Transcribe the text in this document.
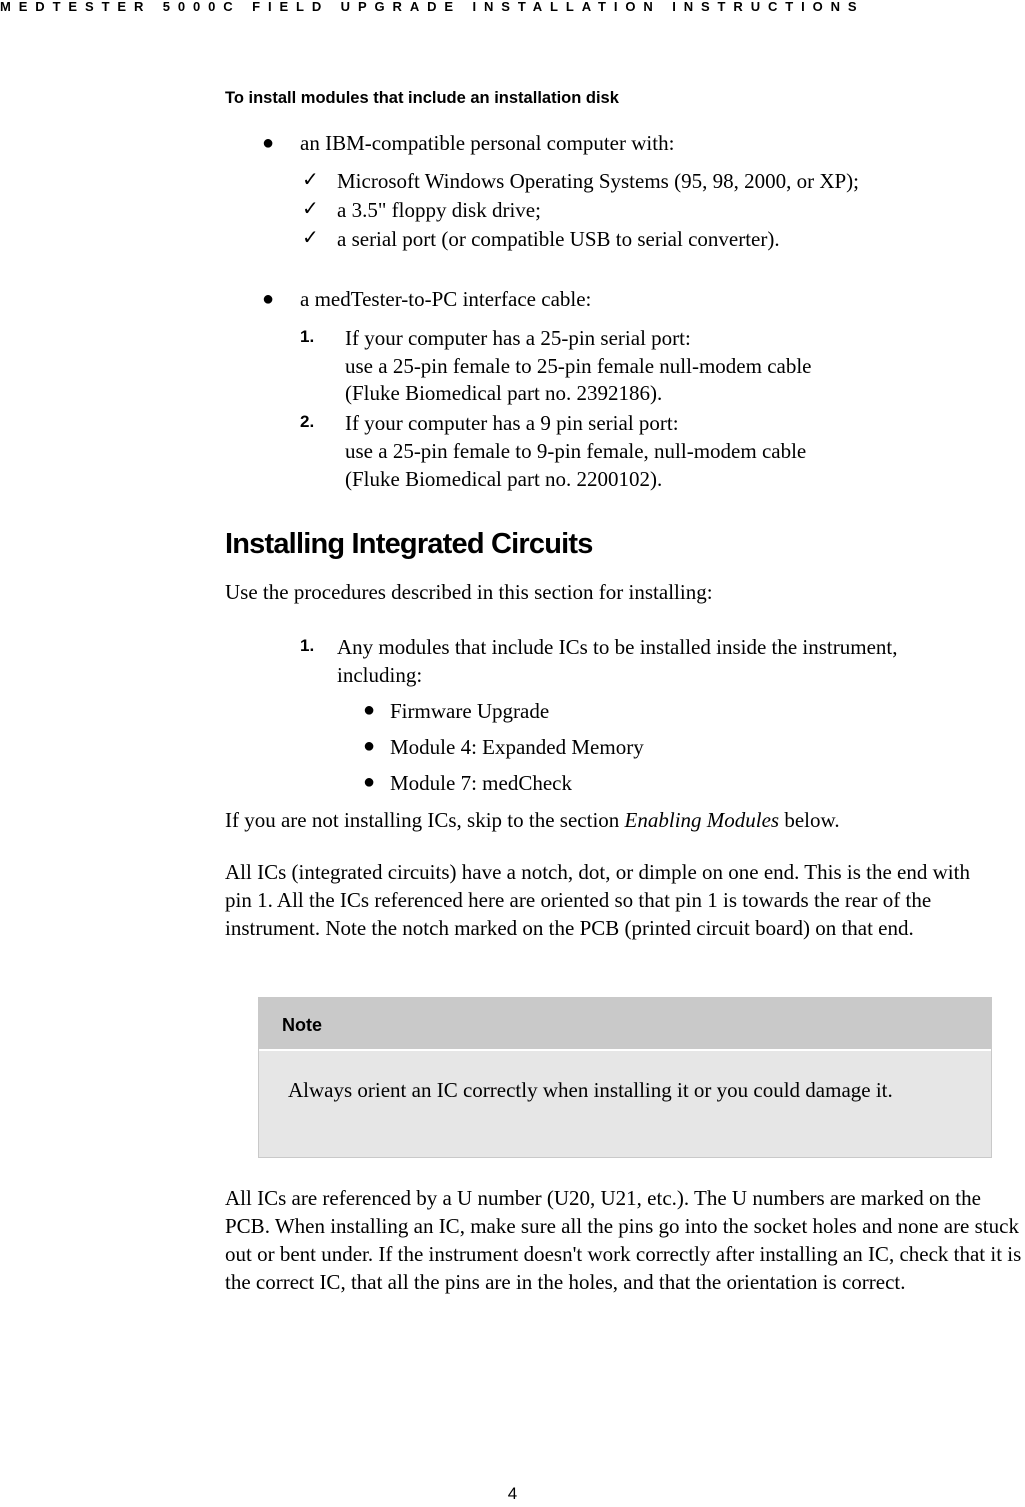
MEDTESTER 5000C FIELD UPGRADE INSTALLATION INSTRUCTIONS
To install modules that include an installation disk
● an IBM-compatible personal computer with:
✓ Microsoft Windows Operating Systems (95, 98, 2000, or XP);
✓ a 3.5" floppy disk drive;
✓ a serial port (or compatible USB to serial converter).
● a medTester-to-PC interface cable:
1. If your computer has a 25-pin serial port:
use a 25-pin female to 25-pin female null-modem cable
(Fluke Biomedical part no. 2392186).
2. If your computer has a 9 pin serial port:
use a 25-pin female to 9-pin female, null-modem cable
(Fluke Biomedical part no. 2200102).
Installing Integrated Circuits
Use the procedures described in this section for installing:
1. Any modules that include ICs to be installed inside the instrument,
including:
● Firmware Upgrade
● Module 4: Expanded Memory
● Module 7: medCheck
If you are not installing ICs, skip to the section Enabling Modules below.
All ICs (integrated circuits) have a notch, dot, or dimple on one end. This is the end with pin 1. All the ICs referenced here are oriented so that pin 1 is towards the rear of the instrument. Note the notch marked on the PCB (printed circuit board) on that end.
Note
Always orient an IC correctly when installing it or you could damage it.
All ICs are referenced by a U number (U20, U21, etc.). The U numbers are marked on the PCB. When installing an IC, make sure all the pins go into the socket holes and none are stuck out or bent under. If the instrument doesn't work correctly after installing an IC, check that it is the correct IC, that all the pins are in the holes, and that the orientation is correct.
4
